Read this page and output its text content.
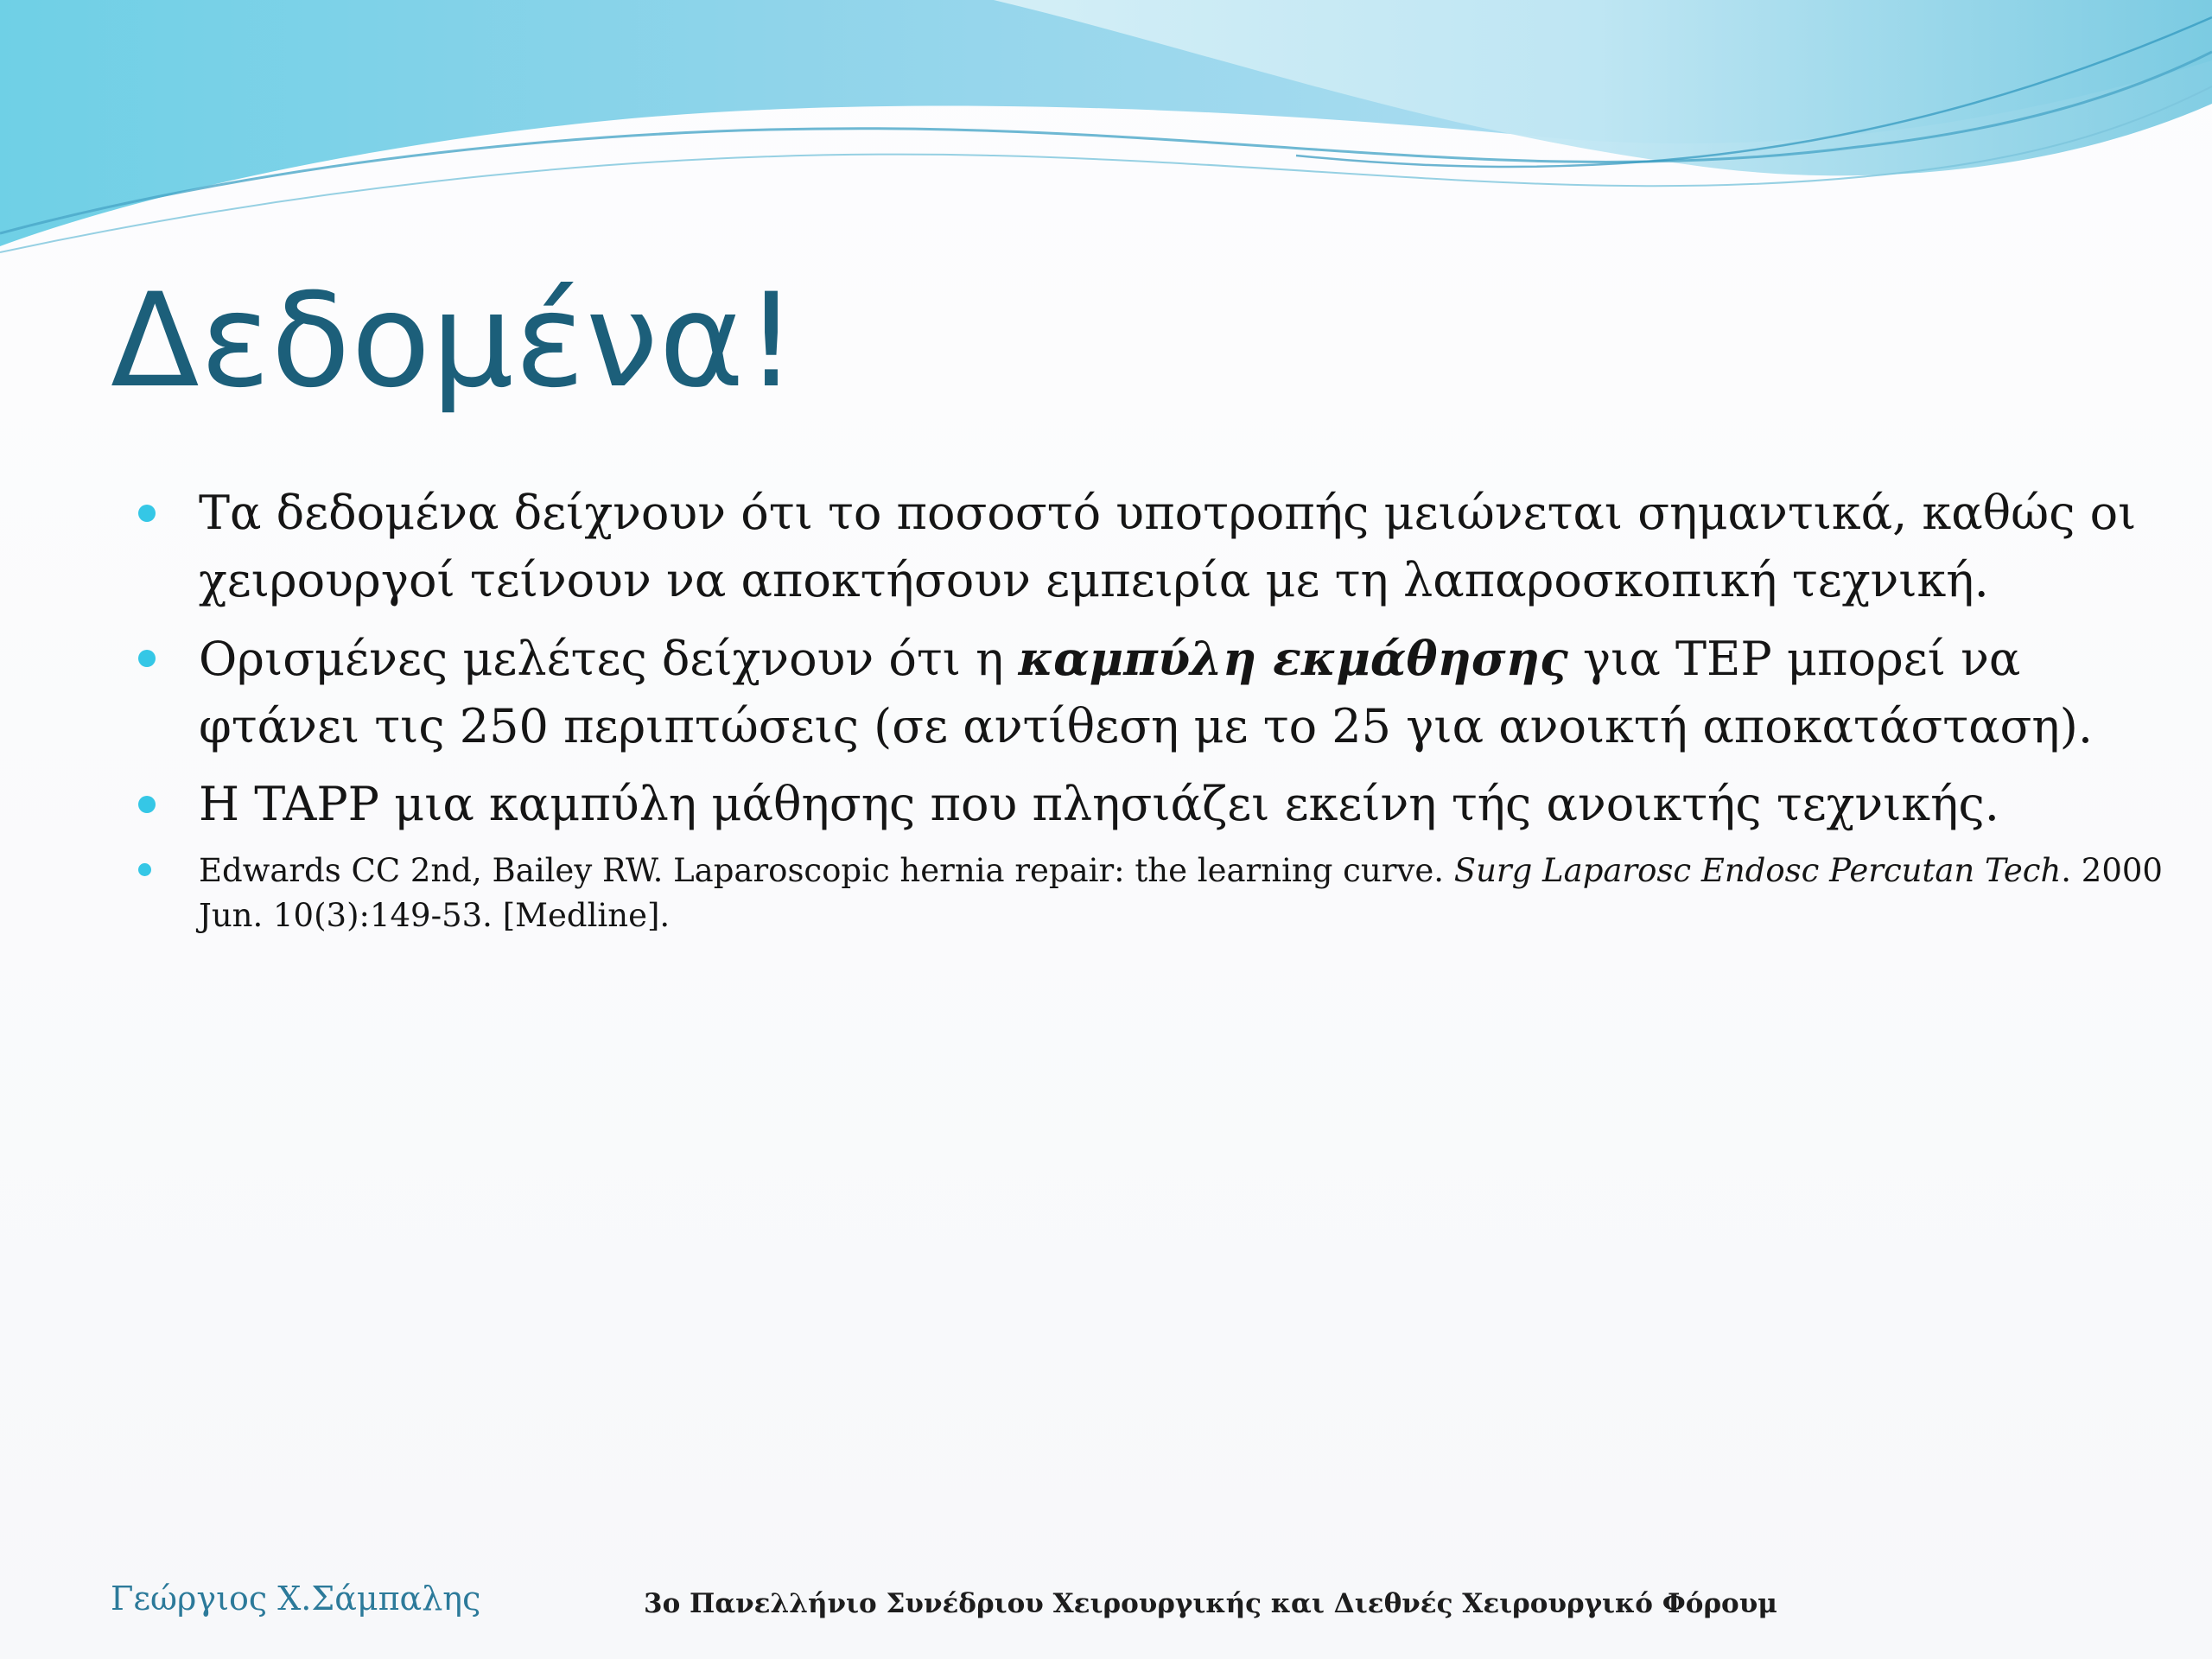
Δεδομένα!
Τα δεδομένα δείχνουν ότι το ποσοστό υποτροπής μειώνεται σημαντικά, καθώς οι
χειρουργοί τείνουν να αποκτήσουν εμπειρία με τη λαπαροσκοπική τεχνική.
Ορισμένες μελέτες δείχνουν ότι η καμπύλη εκμάθησης για TEP μπορεί να
φτάνει τις 250 περιπτώσεις (σε αντίθεση με το 25 για ανοικτή αποκατάσταση).
Η TAPP μια καμπύλη μάθησης που πλησιάζει εκείνη τής ανοικτής τεχνικής.
Edwards CC 2nd, Bailey RW. Laparoscopic hernia repair: the learning curve. Surg Laparosc Endosc Percutan Tech. 2000
Jun. 10(3):149-53. [Medline].
Γεώργιος Χ.Σάμπαλης	3ο Πανελλήνιο Συνέδριου Χειρουργικής και Διεθνές Χειρουργικό Φόρουμ
